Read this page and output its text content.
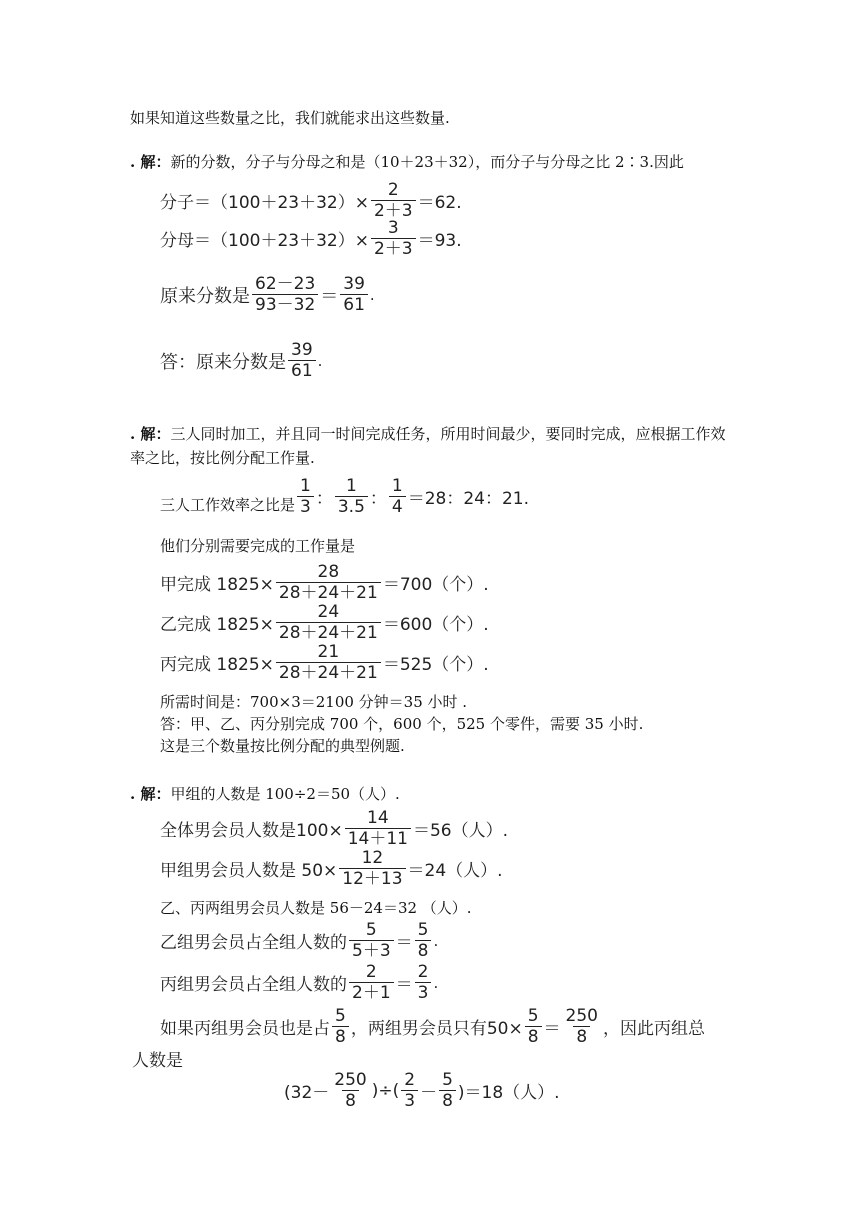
如果知道这些数量之比，我们就能求出这些数量.
. 解：新的分数，分子与分母之和是（10＋23＋32），而分子与分母之比 2∶3.因此
分子$=(100+23+32)\times \frac{2}{2+3} =62$.
分母$=(100+23+32)\times \frac{3}{2+3} =93$.
原来分数是 $\frac{62-23}{93-32} = \frac{39}{61}$ .
答：原来分数是 $\frac{39}{61}$ .
. 解：三人同时加工，并且同一时间完成任务，所用时间最少，要同时完成，应根据工作效
率之比，按比例分配工作量.
三人工作效率之比是 $\frac{1}{3}$ ： $\frac{1}{3.5}$ ： $\frac{1}{4} =28$：24：21.
他们分别需要完成的工作量是
甲完成 $1825\times \frac{28}{28+24+21} =700$（个）.
乙完成 $1825\times \frac{24}{28+24+21} =600$（个）.
丙完成 $1825\times \frac{21}{28+24+21} =525$（个）.
所需时间是：700×3＝2100 分钟＝35 小时 .
答：甲、乙、丙分别完成 700 个，600 个，525 个零件，需要 35 小时.
这是三个数量按比例分配的典型例题.
. 解：甲组的人数是 100÷2＝50（人）.
全体男会员人数是$100\times \frac{14}{14+11} =56$（人）.
甲组男会员人数是 $50\times \frac{12}{12+13} =24$（人）.
乙、丙两组男会员人数是 56－24＝32 （人）.
乙组男会员占全组人数的 $\frac{5}{5+3} = \frac{5}{8}$ .
丙组男会员占全组人数的 $\frac{2}{2+1} = \frac{2}{3}$ .
如果丙组男会员也是占 $\frac{5}{8}$ ，两组男会员只有$50\times \frac{5}{8} = \frac{250}{8}$ ，因此丙组总
人数是
($32- \frac{250}{8}$ )÷( $\frac{2}{3} - \frac{5}{8} )=18$（人）.
